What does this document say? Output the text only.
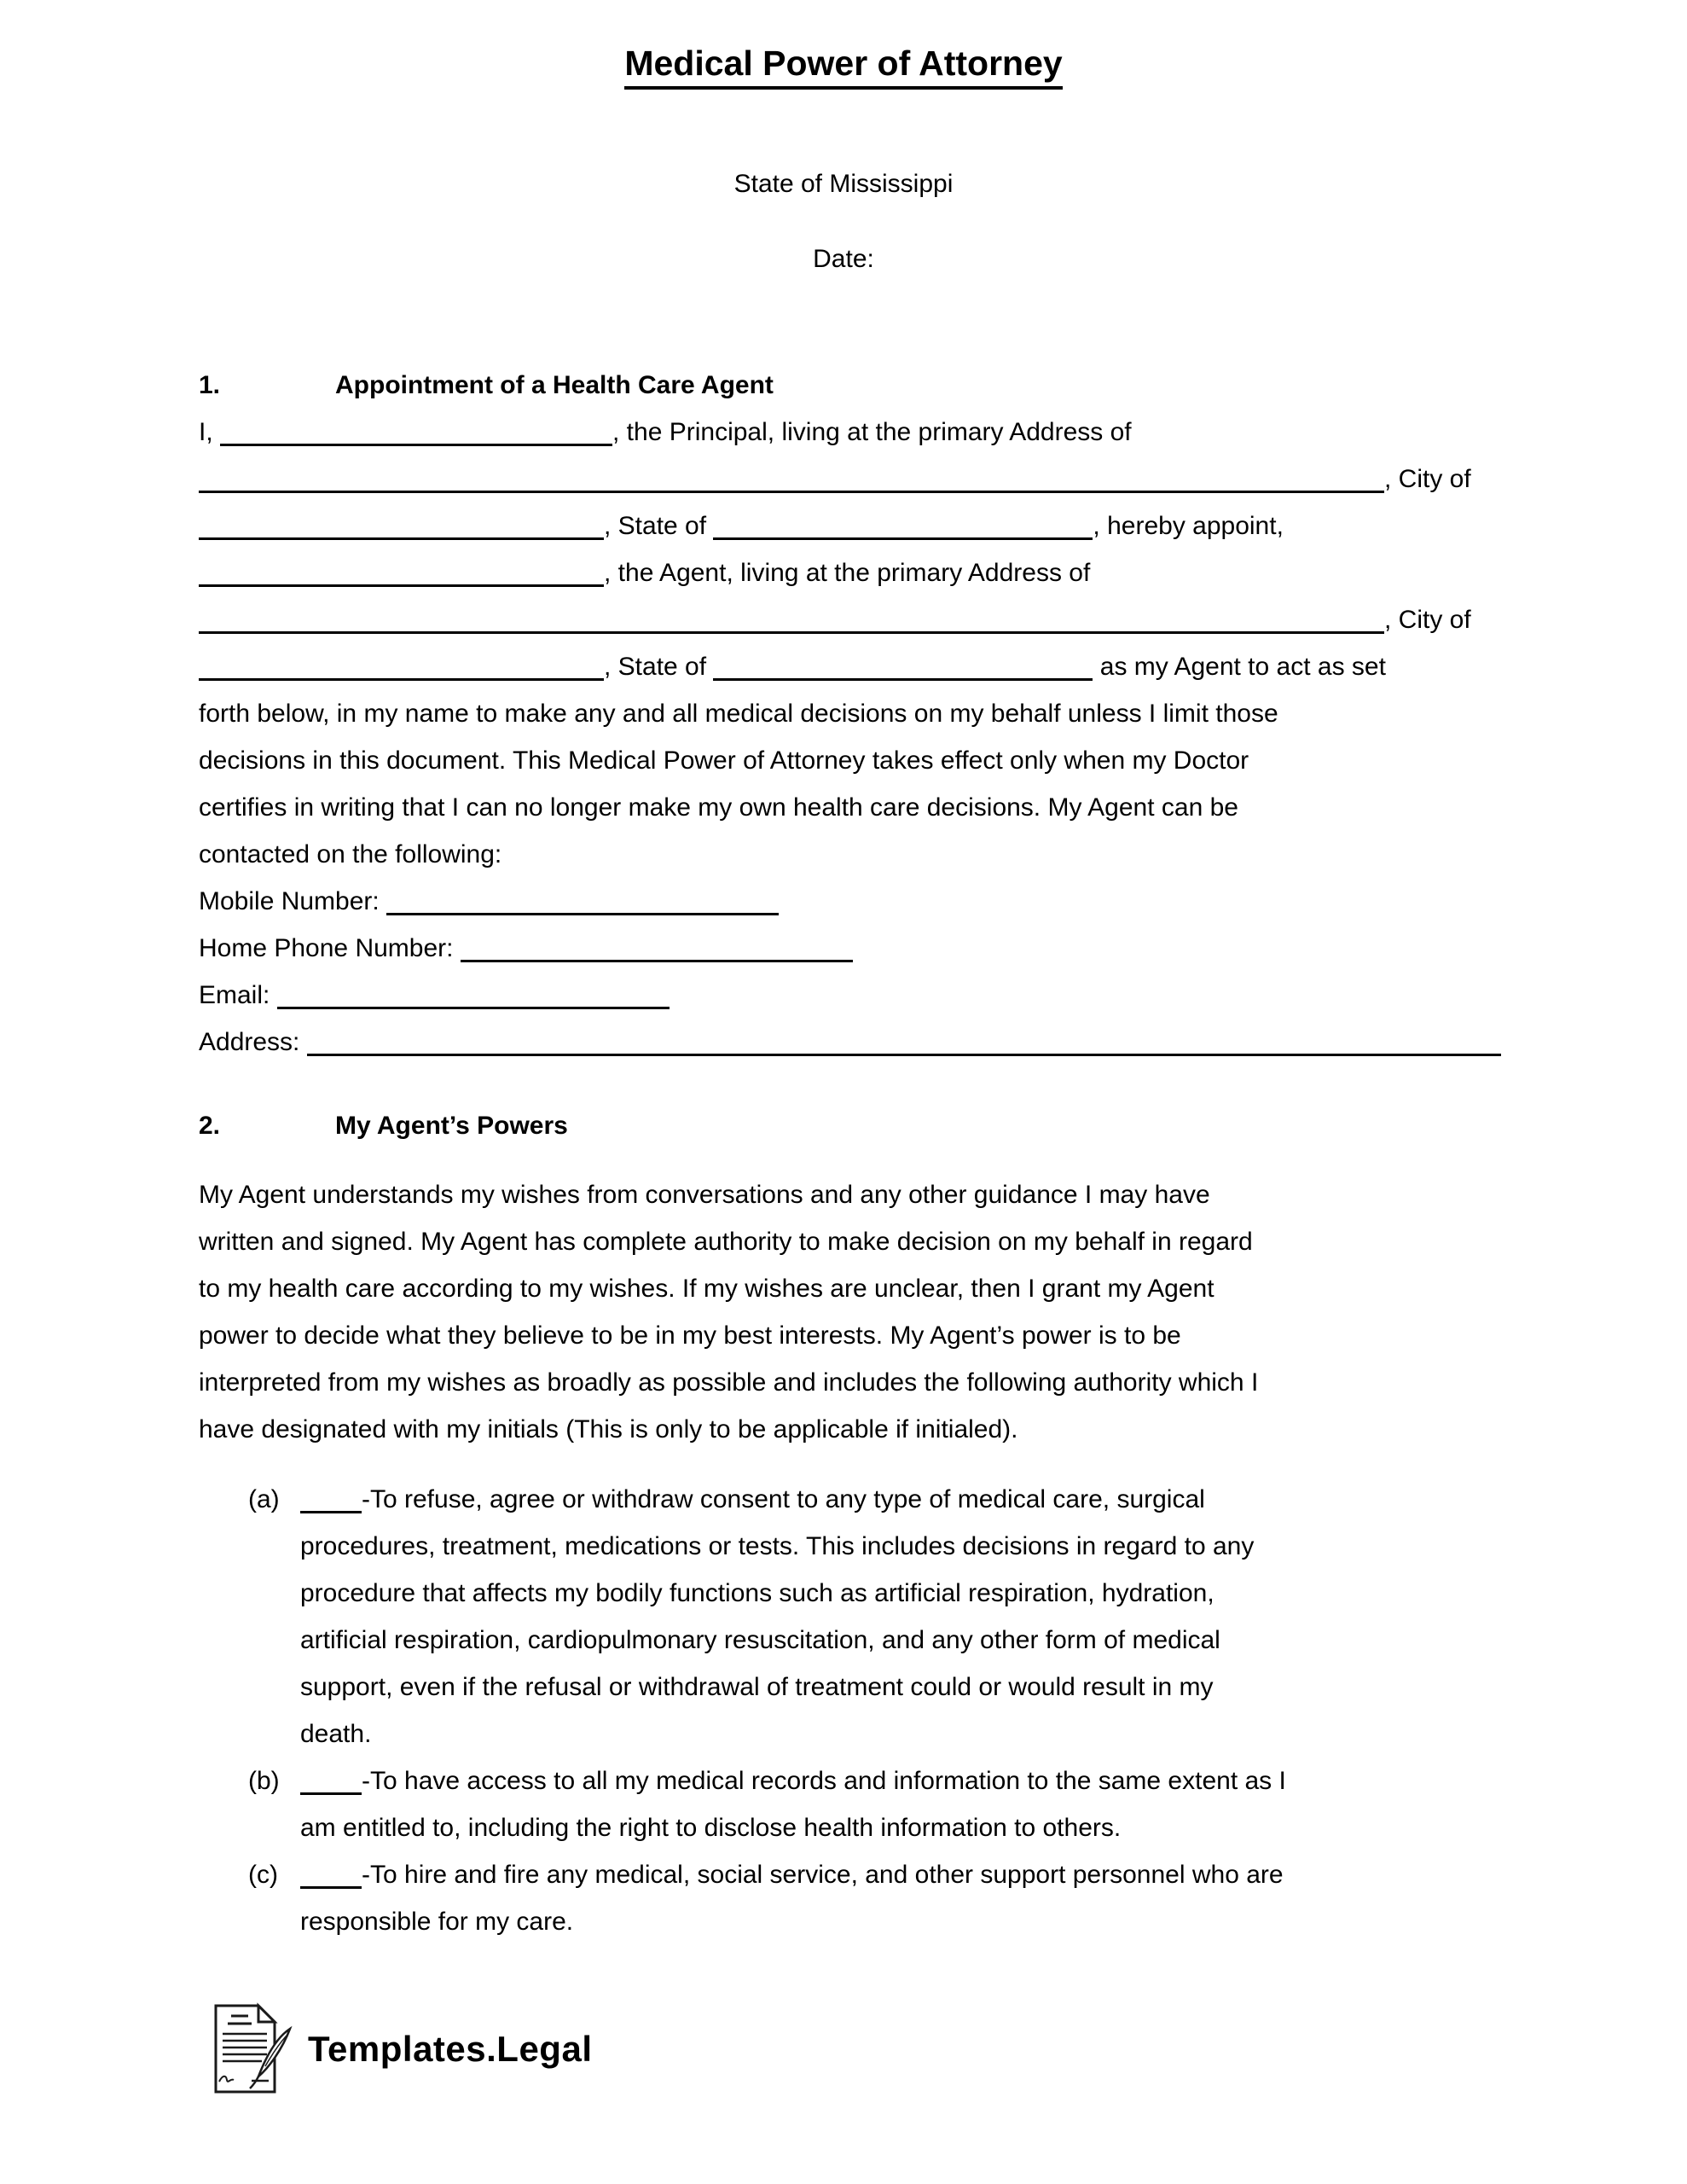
Medical Power of Attorney
State of Mississippi
Date:
1.	Appointment of a Health Care Agent
I,	, the Principal, living at the primary Address of
, City of
, State of	, hereby appoint,
, the Agent, living at the primary Address of
, City of
, State of	as my Agent to act as set
forth below, in my name to make any and all medical decisions on my behalf unless I limit those
decisions in this document. This Medical Power of Attorney takes effect only when my Doctor
certifies in writing that I can no longer make my own health care decisions. My Agent can be
contacted on the following:
Mobile Number:
Home Phone Number:
Email:
Address:
2.	My Agent’s Powers
My Agent understands my wishes from conversations and any other guidance I may have
written and signed. My Agent has complete authority to make decision on my behalf in regard
to my health care according to my wishes. If my wishes are unclear, then I grant my Agent
power to decide what they believe to be in my best interests. My Agent’s power is to be
interpreted from my wishes as broadly as possible and includes the following authority which I
have designated with my initials (This is only to be applicable if initialed).
(a)	-To refuse, agree or withdraw consent to any type of medical care, surgical
procedures, treatment, medications or tests. This includes decisions in regard to any
procedure that affects my bodily functions such as artificial respiration, hydration,
artificial respiration, cardiopulmonary resuscitation, and any other form of medical
support, even if the refusal or withdrawal of treatment could or would result in my
death.
(b)	-To have access to all my medical records and information to the same extent as I
am entitled to, including the right to disclose health information to others.
(c)	-To hire and fire any medical, social service, and other support personnel who are
responsible for my care.
Templates.Legal
